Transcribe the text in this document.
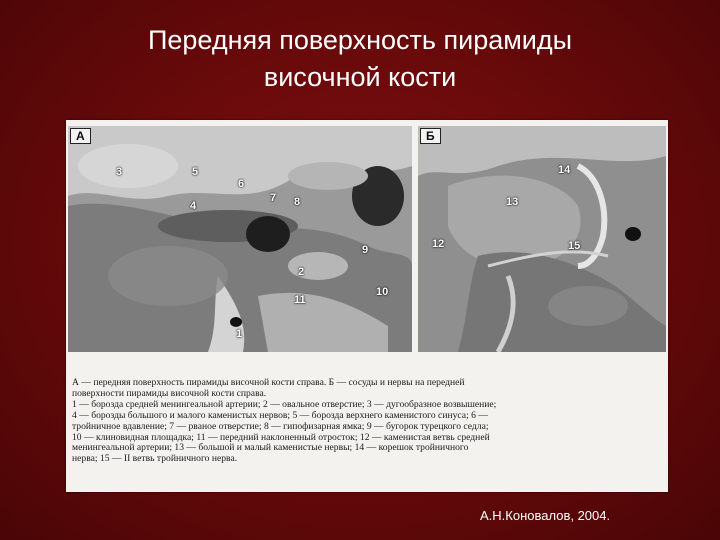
Передняя поверхность пирамиды
височной кости
А
1
2
3
4
5
6
7 8
9
10
11
Б
12
13
14
15
А — передняя поверхность пирамиды височной кости справа. Б — сосуды и нервы на передней
поверхности пирамиды височной кости справа.
1 — борозда средней менингеальной артерии; 2 — овальное отверстие; 3 — дугообразное возвышение;
4 — борозды большого и малого каменистых нервов; 5 — борозда верхнего каменистого синуса; 6 —
тройничное вдавление; 7 — рваное отверстие; 8 — гипофизарная ямка; 9 — бугорок турецкого седла;
10 — клиновидная площадка; 11 — передний наклоненный отросток; 12 — каменистая ветвь средней
менингеальной артерии; 13 — большой и малый каменистые нервы; 14 — корешок тройничного
нерва; 15 — II ветвь тройничного нерва.
А.Н.Коновалов, 2004.
